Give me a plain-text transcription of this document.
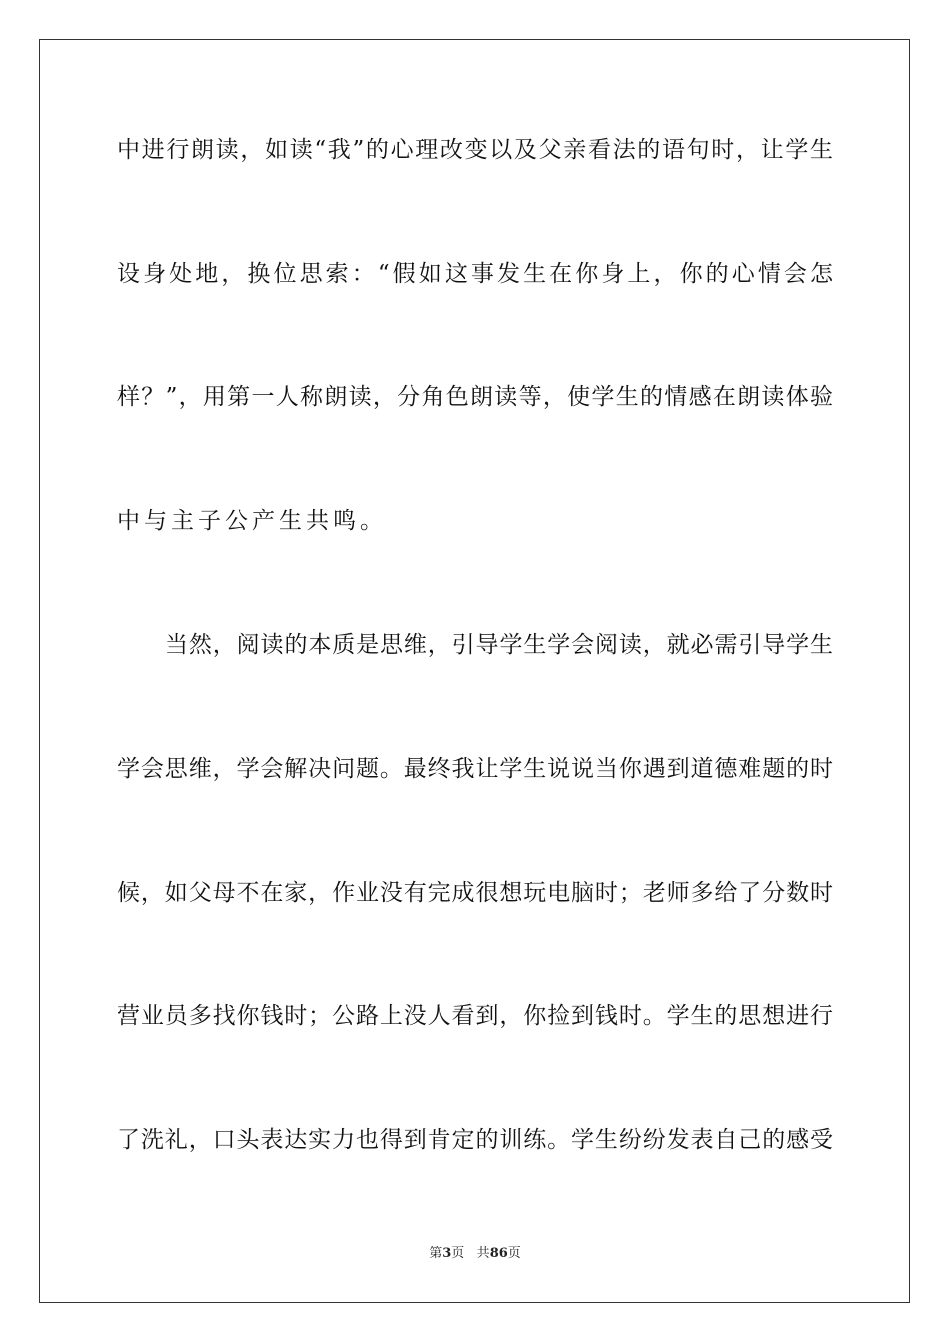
中进行朗读，如读“我”的心理改变以及父亲看法的语句时，让学生
设身处地，换位思索：“假如这事发生在你身上，你的心情会怎
样？”，用第一人称朗读，分角色朗读等，使学生的情感在朗读体验
中与主子公产生共鸣。
当然，阅读的本质是思维，引导学生学会阅读，就必需引导学生
学会思维，学会解决问题。最终我让学生说说当你遇到道德难题的时
候，如父母不在家，作业没有完成很想玩电脑时；老师多给了分数时
营业员多找你钱时；公路上没人看到，你捡到钱时。学生的思想进行
了洗礼，口头表达实力也得到肯定的训练。学生纷纷发表自己的感受
第3页 共86页
